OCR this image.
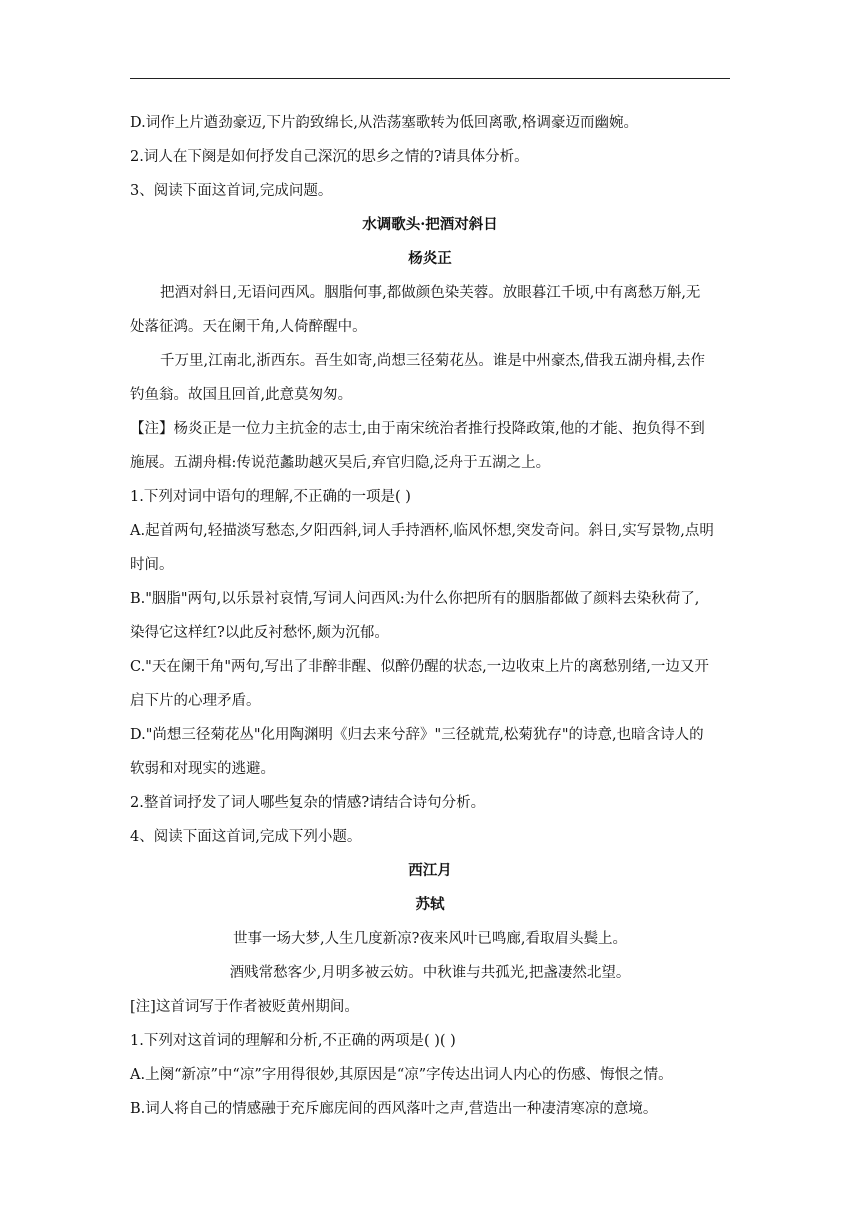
D.词作上片遒劲豪迈,下片韵致绵长,从浩荡塞歌转为低回离歌,格调豪迈而幽婉。
2.词人在下阕是如何抒发自己深沉的思乡之情的?请具体分析。
3、阅读下面这首词,完成问题。
水调歌头·把酒对斜日
杨炎正
把酒对斜日,无语问西风。胭脂何事,都做颜色染芙蓉。放眼暮江千顷,中有离愁万斛,无
处落征鸿。天在阑干角,人倚醉醒中。
千万里,江南北,浙西东。吾生如寄,尚想三径菊花丛。谁是中州豪杰,借我五湖舟楫,去作
钓鱼翁。故国且回首,此意莫匆匆。
【注】杨炎正是一位力主抗金的志士,由于南宋统治者推行投降政策,他的才能、抱负得不到
施展。五湖舟楫:传说范蠡助越灭吴后,弃官归隐,泛舟于五湖之上。
1.下列对词中语句的理解,不正确的一项是( )
A.起首两句,轻描淡写愁态,夕阳西斜,词人手持酒杯,临风怀想,突发奇问。斜日,实写景物,点明
时间。
B."胭脂"两句,以乐景衬哀情,写词人问西风:为什么你把所有的胭脂都做了颜料去染秋荷了,
染得它这样红?以此反衬愁怀,颇为沉郁。
C."天在阑干角"两句,写出了非醉非醒、似醉仍醒的状态,一边收束上片的离愁别绪,一边又开
启下片的心理矛盾。
D."尚想三径菊花丛"化用陶渊明《归去来兮辞》"三径就荒,松菊犹存"的诗意,也暗含诗人的
软弱和对现实的逃避。
2.整首词抒发了词人哪些复杂的情感?请结合诗句分析。
4、阅读下面这首词,完成下列小题。
西江月
苏轼
世事一场大梦,人生几度新凉?夜来风叶已鸣廊,看取眉头鬓上。
酒贱常愁客少,月明多被云妨。中秋谁与共孤光,把盏凄然北望。
[注]这首词写于作者被贬黄州期间。
1.下列对这首词的理解和分析,不正确的两项是( )( )
A.上阕“新凉”中“凉”字用得很妙,其原因是“凉”字传达出词人内心的伤感、悔恨之情。
B.词人将自己的情感融于充斥廊庑间的西风落叶之声,营造出一种凄清寒凉的意境。
